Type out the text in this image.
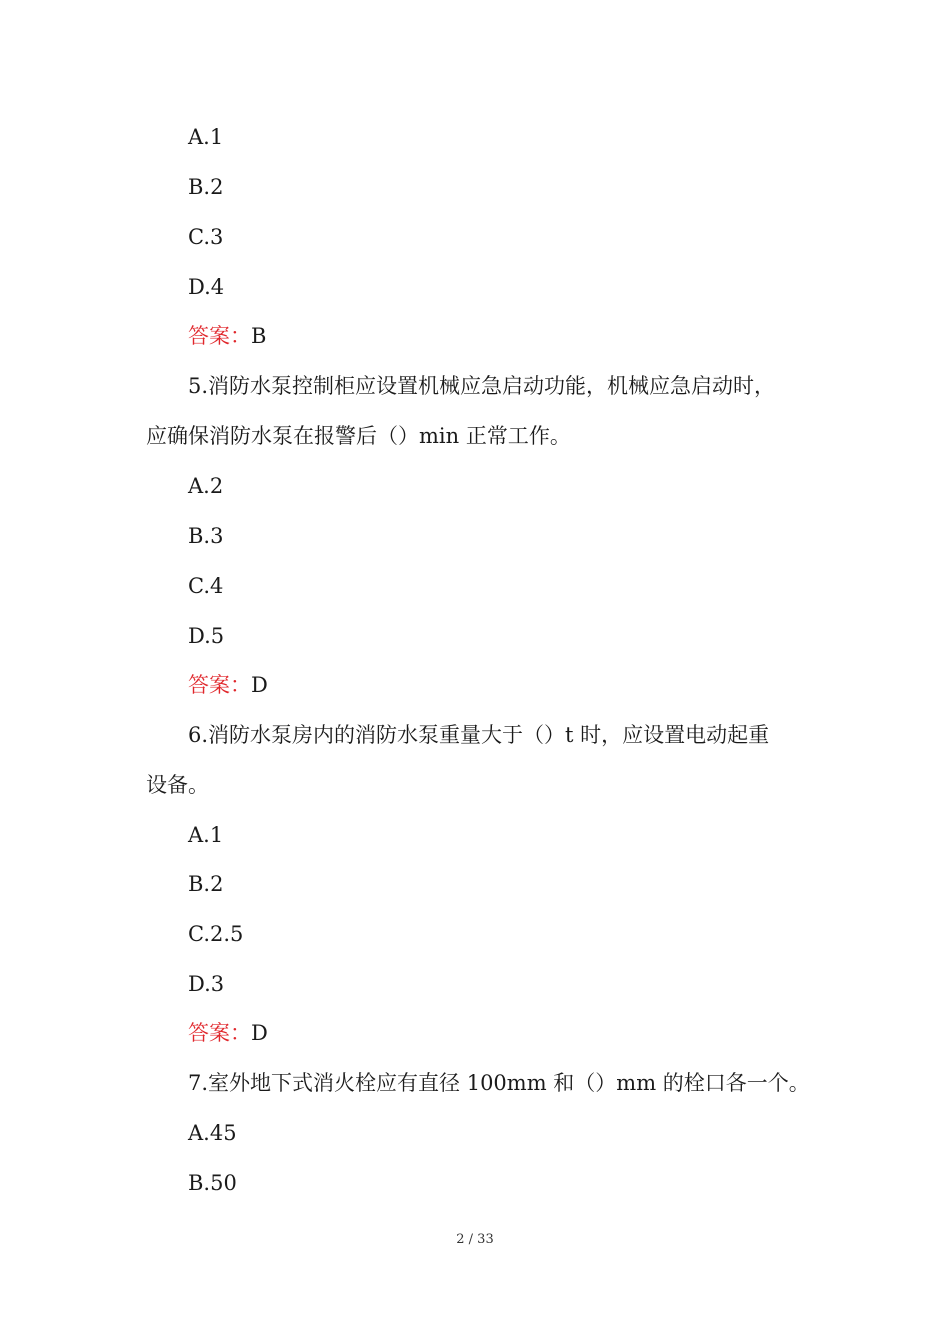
A.1
B.2
C.3
D.4
答案：B
5.消防水泵控制柜应设置机械应急启动功能，机械应急启动时，
应确保消防水泵在报警后（）min 正常工作。
A.2
B.3
C.4
D.5
答案：D
6.消防水泵房内的消防水泵重量大于（）t 时，应设置电动起重
设备。
A.1
B.2
C.2.5
D.3
答案：D
7.室外地下式消火栓应有直径 100mm 和（）mm 的栓口各一个。
A.45
B.50
2 / 33
